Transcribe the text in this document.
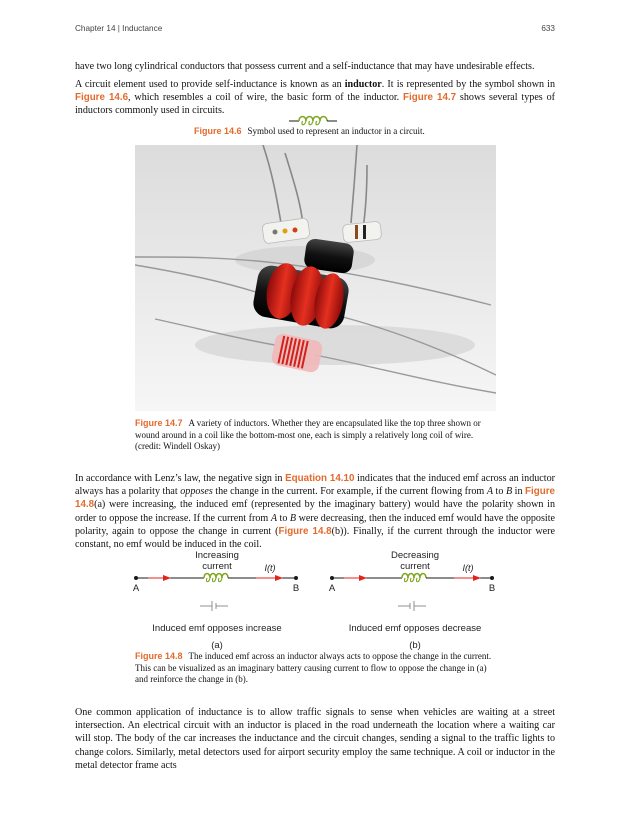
Chapter 14 | Inductance	633

have two long cylindrical conductors that possess current and a self-inductance that may have undesirable effects.

A circuit element used to provide self-inductance is known as an inductor. It is represented by the symbol shown in Figure 14.6, which resembles a coil of wire, the basic form of the inductor. Figure 14.7 shows several types of inductors commonly used in circuits.

Figure 14.6 Symbol used to represent an inductor in a circuit.
Figure 14.7 A variety of inductors. Whether they are encapsulated like the top three shown or wound around in a coil like the bottom-most one, each is simply a relatively long coil of wire. (credit: Windell Oskay)

In accordance with Lenz’s law, the negative sign in Equation 14.10 indicates that the induced emf across an inductor always has a polarity that opposes the change in the current. For example, if the current flowing from A to B in Figure 14.8(a) were increasing, the induced emf (represented by the imaginary battery) would have the polarity shown in order to oppose the increase. If the current from A to B were decreasing, then the induced emf would have the opposite polarity, again to oppose the change in current (Figure 14.8(b)). Finally, if the current through the inductor were constant, no emf would be induced in the coil.

Increasing
current	I(t)
A	B
Induced emf opposes increase
(a)
Decreasing
current	I(t)
A	B
Induced emf opposes decrease
(b)
Figure 14.8 The induced emf across an inductor always acts to oppose the change in the current. This can be visualized as an imaginary battery causing current to flow to oppose the change in (a) and reinforce the change in (b).

One common application of inductance is to allow traffic signals to sense when vehicles are waiting at a street intersection. An electrical circuit with an inductor is placed in the road underneath the location where a waiting car will stop. The body of the car increases the inductance and the circuit changes, sending a signal to the traffic lights to change colors. Similarly, metal detectors used for airport security employ the same technique. A coil or inductor in the metal detector frame acts
